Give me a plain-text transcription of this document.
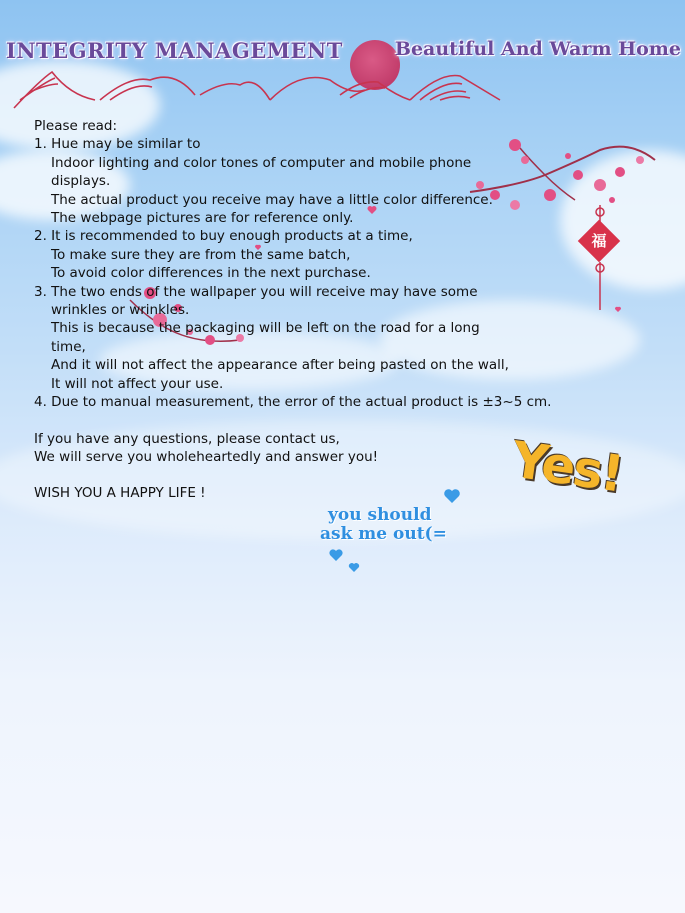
INTEGRITY MANAGEMENT	Beautiful And Warm Home
福
Please read:
1. Hue may be similar to
Indoor lighting and color tones of computer and mobile phone
displays.
The actual product you receive may have a little color difference.
The webpage pictures are for reference only.
2. It is recommended to buy enough products at a time,
To make sure they are from the same batch,
To avoid color differences in the next purchase.
3. The two ends of the wallpaper you will receive may have some
wrinkles or wrinkles.
This is because the packaging will be left on the road for a long
time,
And it will not affect the appearance after being pasted on the wall,
It will not affect your use.
4. Due to manual measurement, the error of the actual product is ±3~5 cm.
If you have any questions, please contact us,
We will serve you wholeheartedly and answer you!
WISH YOU A HAPPY LIFE !	Yes!
you should
ask me out(=
